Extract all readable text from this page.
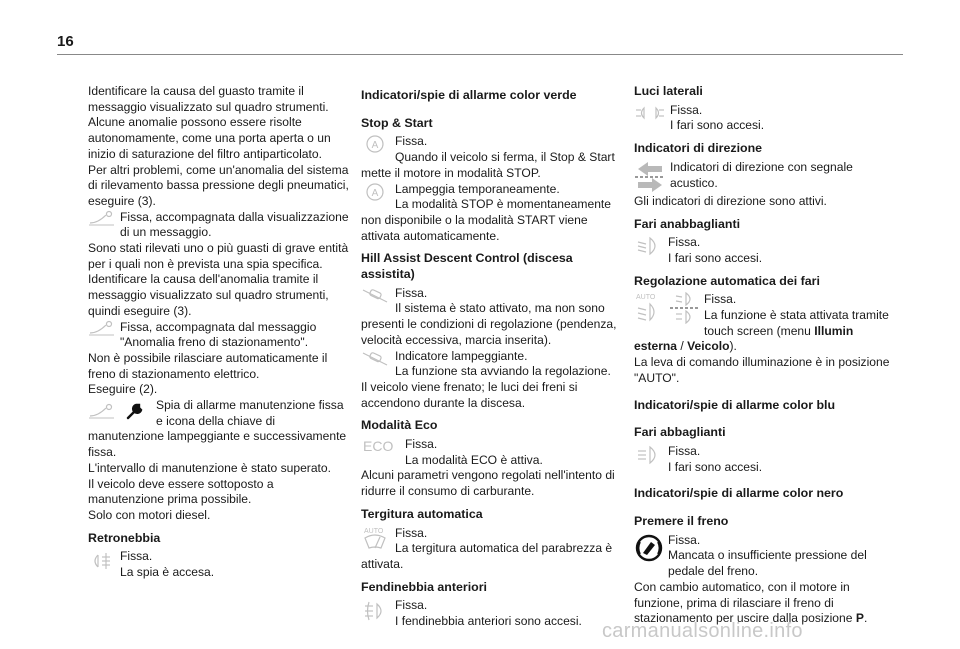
16

Identificare la causa del guasto tramite il messaggio visualizzato sul quadro strumenti.

Alcune anomalie possono essere risolte autonomamente, come una porta aperta o un inizio di saturazione del filtro antiparticolato.

Per altri problemi, come un'anomalia del sistema di rilevamento bassa pressione degli pneumatici, eseguire (3).

Fissa, accompagnata dalla visualizzazione di un messaggio.

Sono stati rilevati uno o più guasti di grave entità per i quali non è prevista una spia specifica.

Identificare la causa dell'anomalia tramite il messaggio visualizzato sul quadro strumenti, quindi eseguire (3).

Fissa, accompagnata dal messaggio "Anomalia freno di stazionamento".

Non è possibile rilasciare automaticamente il freno di stazionamento elettrico.

Eseguire (2).

Spia di allarme manutenzione fissa e icona della chiave di manutenzione lampeggiante e successivamente fissa.

L'intervallo di manutenzione è stato superato.

Il veicolo deve essere sottoposto a manutenzione prima possibile.

Solo con motori diesel.

Retronebbia

Fissa.

La spia è accesa.

Indicatori/spie di allarme color verde

Stop & Start

A	Fissa.

Quando il veicolo si ferma, il Stop & Start mette il motore in modalità STOP.

A	Lampeggia temporaneamente.

La modalità STOP è momentaneamente non disponibile o la modalità START viene attivata automaticamente.

Hill Assist Descent Control (discesa assistita)

Fissa.

Il sistema è stato attivato, ma non sono presenti le condizioni di regolazione (pendenza, velocità eccessiva, marcia inserita).

Indicatore lampeggiante.

La funzione sta avviando la regolazione.

Il veicolo viene frenato; le luci dei freni si accendono durante la discesa.

Modalità Eco

ECO Fissa.

La modalità ECO è attiva.

Alcuni parametri vengono regolati nell'intento di ridurre il consumo di carburante.

Tergitura automatica

AUTO Fissa.

La tergitura automatica del parabrezza è attivata.

Fendinebbia anteriori

Fissa.

I fendinebbia anteriori sono accesi.

Luci laterali

Fissa.

I fari sono accesi.

Indicatori di direzione

Indicatori di direzione con segnale acustico.

Gli indicatori di direzione sono attivi.

Fari anabbaglianti

Fissa.

I fari sono accesi.

Regolazione automatica dei fari

AUTO	Fissa.

La funzione è stata attivata tramite touch screen (menu Illumin esterna / Veicolo).

La leva di comando illuminazione è in posizione "AUTO".

Indicatori/spie di allarme color blu

Fari abbaglianti

Fissa.

I fari sono accesi.

Indicatori/spie di allarme color nero

Premere il freno

Fissa.

Mancata o insufficiente pressione del pedale del freno.

Con cambio automatico, con il motore in funzione, prima di rilasciare il freno di stazionamento per uscire dalla posizione P.

carmanualsonline.info
